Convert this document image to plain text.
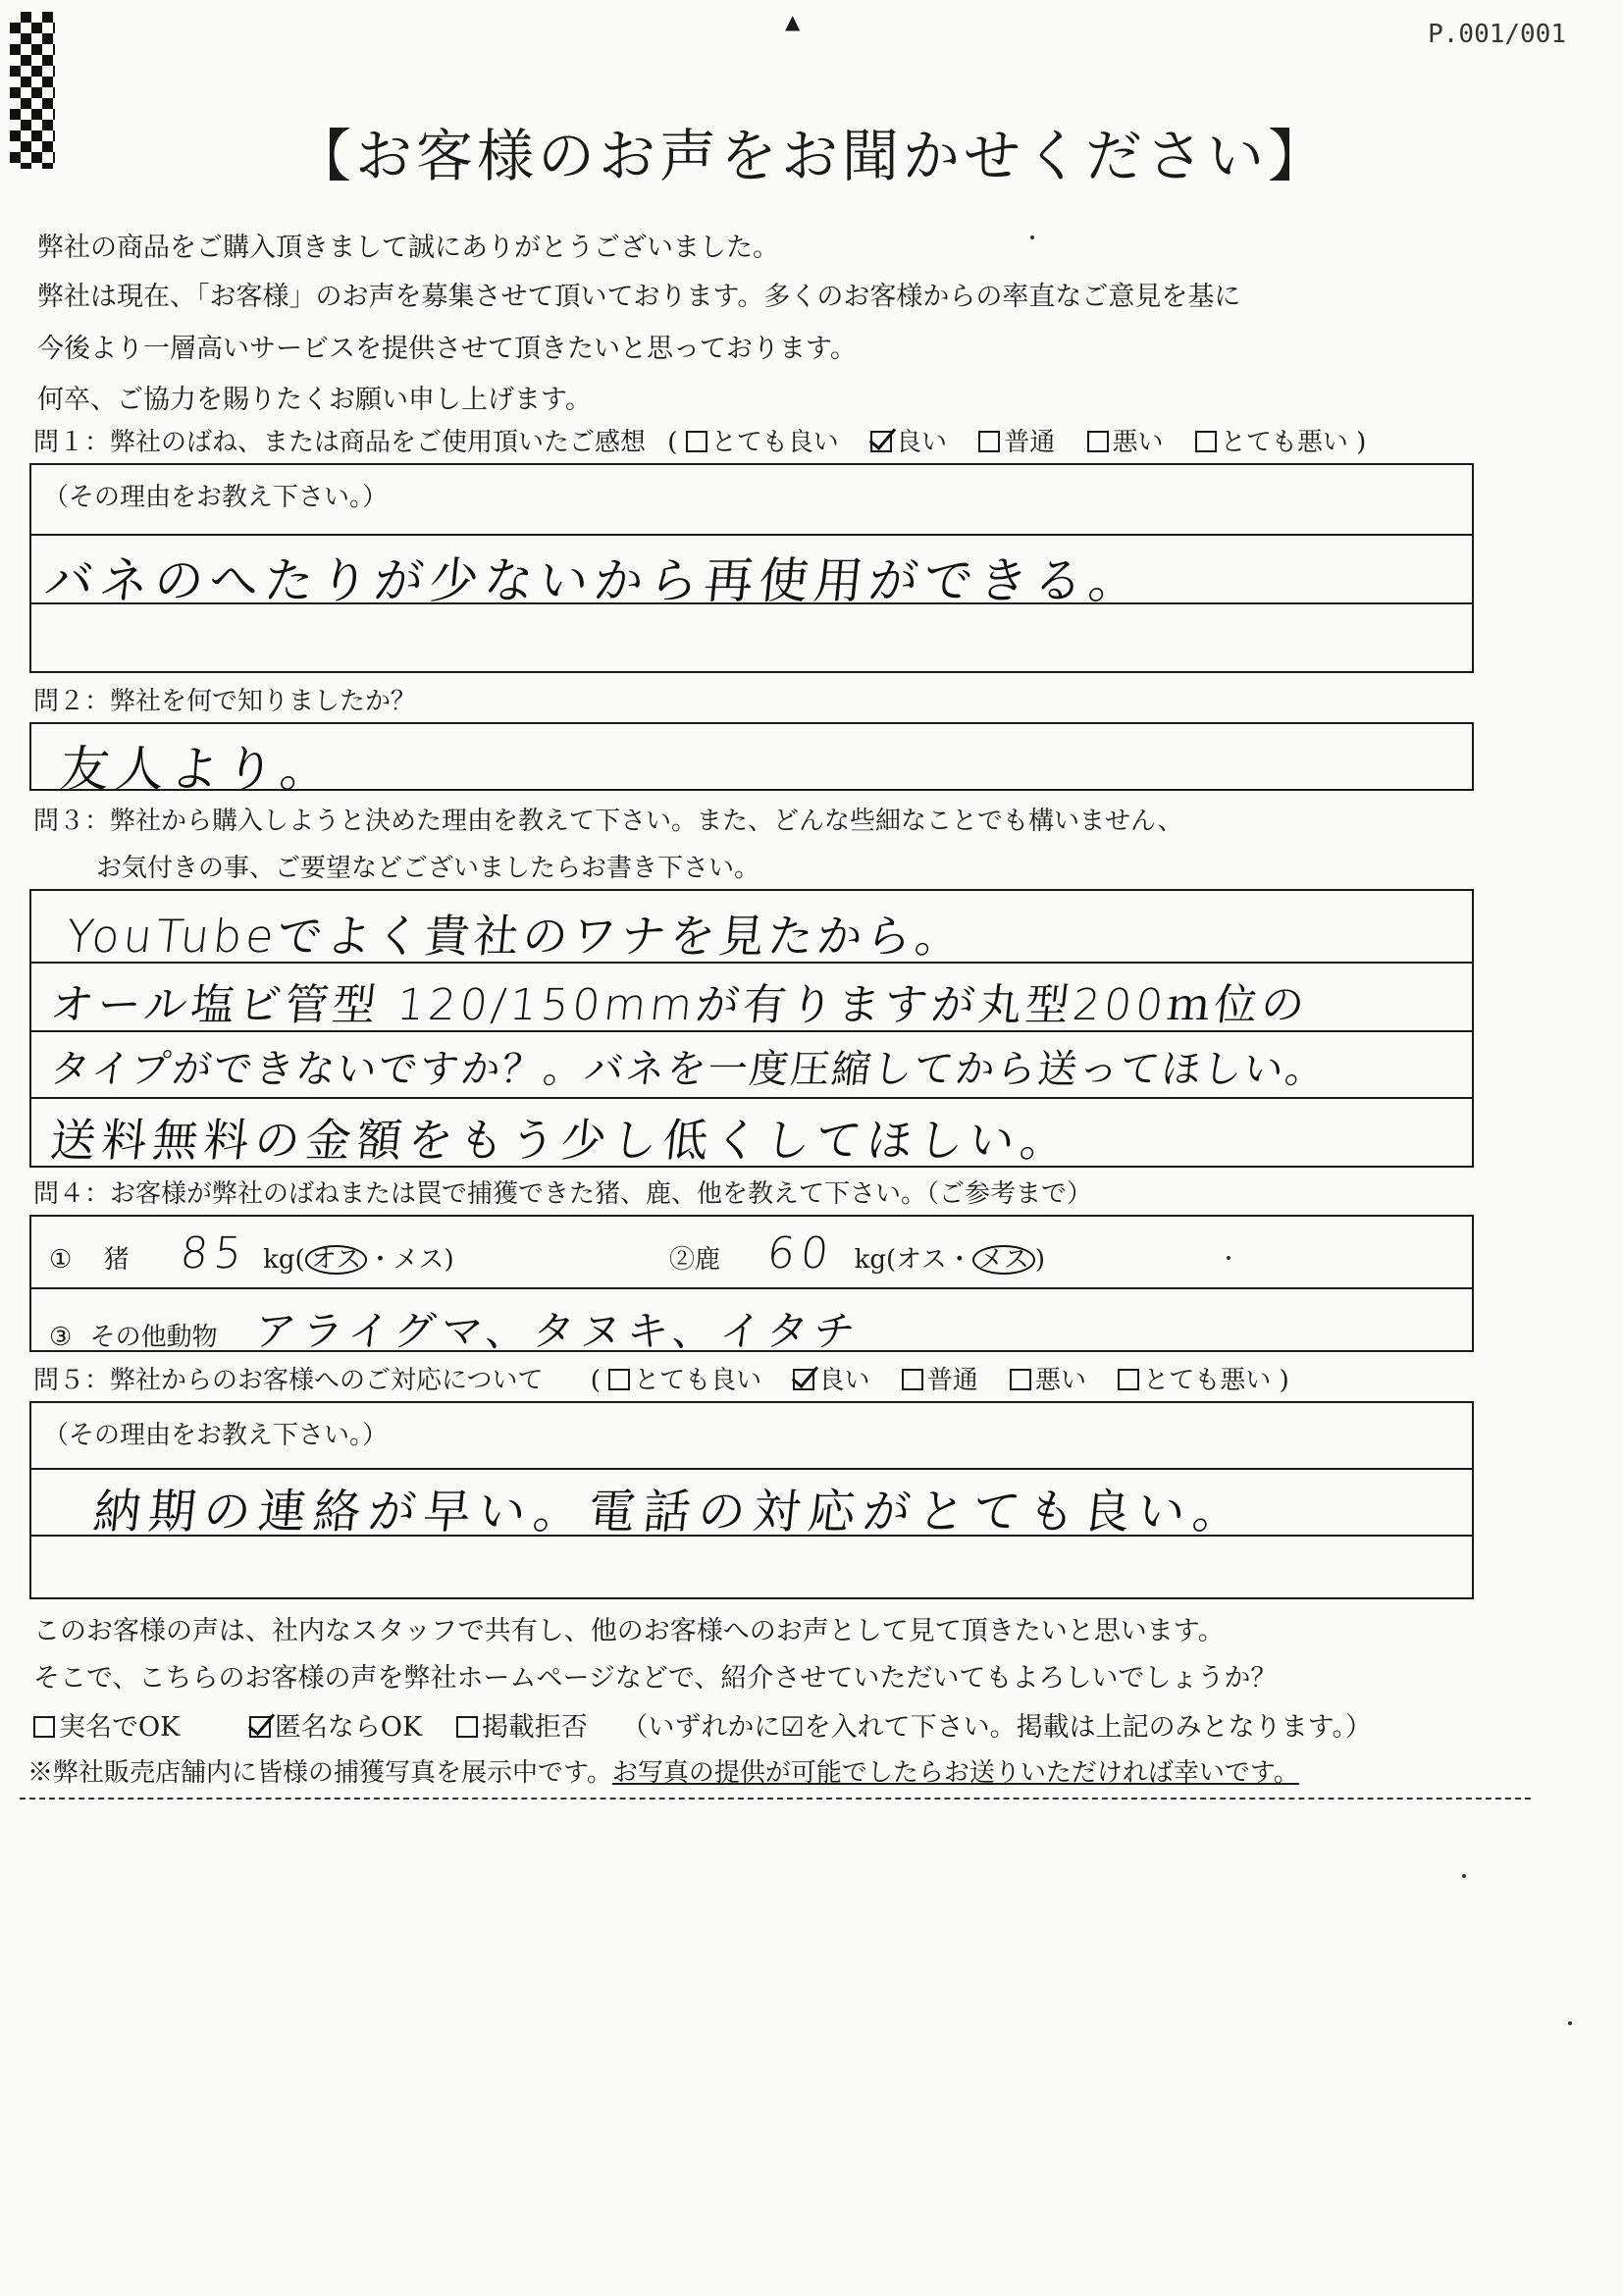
▲	P.001/001
【お客様のお声をお聞かせください】
弊社の商品をご購入頂きまして誠にありがとうございました。
弊社は現在、「お客様」のお声を募集させて頂いております。多くのお客様からの率直なご意見を基に
今後より一層高いサービスを提供させて頂きたいと思っております。
何卒、ご協力を賜りたくお願い申し上げます。
問１：弊社のばね、または商品をご使用頂いたご感想 ( とても良い 良い 普通 悪い とても悪い )
（その理由をお教え下さい。）
バネのへたりが少ないから再使用ができる。
問２：弊社を何で知りましたか？
友人より。
問３：弊社から購入しようと決めた理由を教えて下さい。また、どんな些細なことでも構いません、
お気付きの事、ご要望などございましたらお書き下さい。
YouTubeでよく貴社のワナを見たから。
オール塩ビ管型 120/150mmが有りますが丸型200ｍ位の
タイプができないですか？。バネを一度圧縮してから送ってほしい。
送料無料の金額をもう少し低くしてほしい。
問４：お客様が弊社のばねまたは罠で捕獲できた猪、鹿、他を教えて下さい。（ご参考まで）
① 猪 85 kg( オス ・メス)	②鹿 60 kg(オス・ メス )
③ その他動物 アライグマ、タヌキ、イタチ
問５：弊社からのお客様へのご対応について ( とても良い 良い 普通 悪い とても悪い )
（その理由をお教え下さい。）
納期の連絡が早い。電話の対応がとても良い。
このお客様の声は、社内なスタッフで共有し、他のお客様へのお声として見て頂きたいと思います。
そこで、こちらのお客様の声を弊社ホームページなどで、紹介させていただいてもよろしいでしょうか？
実名でOK	匿名ならOK 掲載拒否 （いずれかに☑を入れて下さい。掲載は上記のみとなります。）
※弊社販売店舗内に皆様の捕獲写真を展示中です。お写真の提供が可能でしたらお送りいただければ幸いです。
